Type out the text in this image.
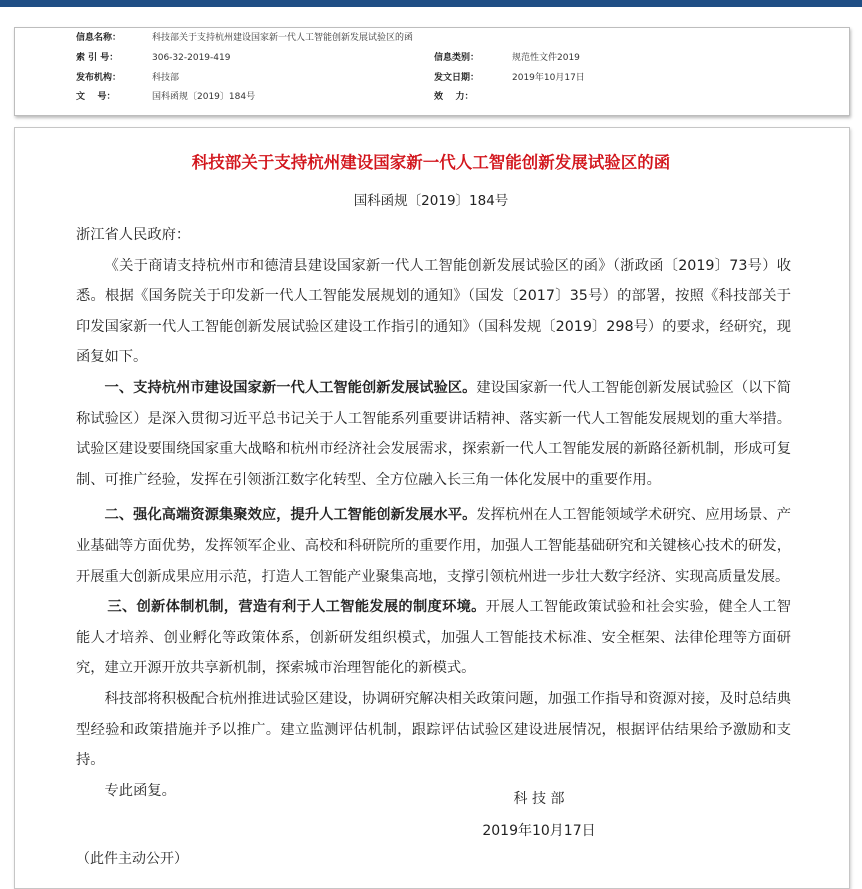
信息名称：	科技部关于支持杭州建设国家新一代人工智能创新发展试验区的函
索 引 号：	306-32-2019-419	信息类别：	规范性文件2019
发布机构：	科技部	发文日期：	2019年10月17日
文    号：	国科函规〔2019〕184号	效    力：
科技部关于支持杭州建设国家新一代人工智能创新发展试验区的函
国科函规〔2019〕184号

浙江省人民政府：

《关于商请支持杭州市和德清县建设国家新一代人工智能创新发展试验区的函》（浙政函〔2019〕73号）收悉。根据《国务院关于印发新一代人工智能发展规划的通知》（国发〔2017〕35号）的部署，按照《科技部关于印发国家新一代人工智能创新发展试验区建设工作指引的通知》（国科发规〔2019〕298号）的要求，经研究，现函复如下。

一、支持杭州市建设国家新一代人工智能创新发展试验区。建设国家新一代人工智能创新发展试验区（以下简称试验区）是深入贯彻习近平总书记关于人工智能系列重要讲话精神、落实新一代人工智能发展规划的重大举措。试验区建设要围绕国家重大战略和杭州市经济社会发展需求，探索新一代人工智能发展的新路径新机制，形成可复制、可推广经验，发挥在引领浙江数字化转型、全方位融入长三角一体化发展中的重要作用。

二、强化高端资源集聚效应，提升人工智能创新发展水平。发挥杭州在人工智能领域学术研究、应用场景、产业基础等方面优势，发挥领军企业、高校和科研院所的重要作用，加强人工智能基础研究和关键核心技术的研发，开展重大创新成果应用示范，打造人工智能产业聚集高地，支撑引领杭州进一步壮大数字经济、实现高质量发展。

三、创新体制机制，营造有利于人工智能发展的制度环境。开展人工智能政策试验和社会实验，健全人工智能人才培养、创业孵化等政策体系，创新研发组织模式，加强人工智能技术标准、安全框架、法律伦理等方面研究，建立开源开放共享新机制，探索城市治理智能化的新模式。

科技部将积极配合杭州推进试验区建设，协调研究解决相关政策问题，加强工作指导和资源对接，及时总结典型经验和政策措施并予以推广。建立监测评估机制，跟踪评估试验区建设进展情况，根据评估结果给予激励和支持。

专此函复。

科 技 部
2019年10月17日
（此件主动公开）
